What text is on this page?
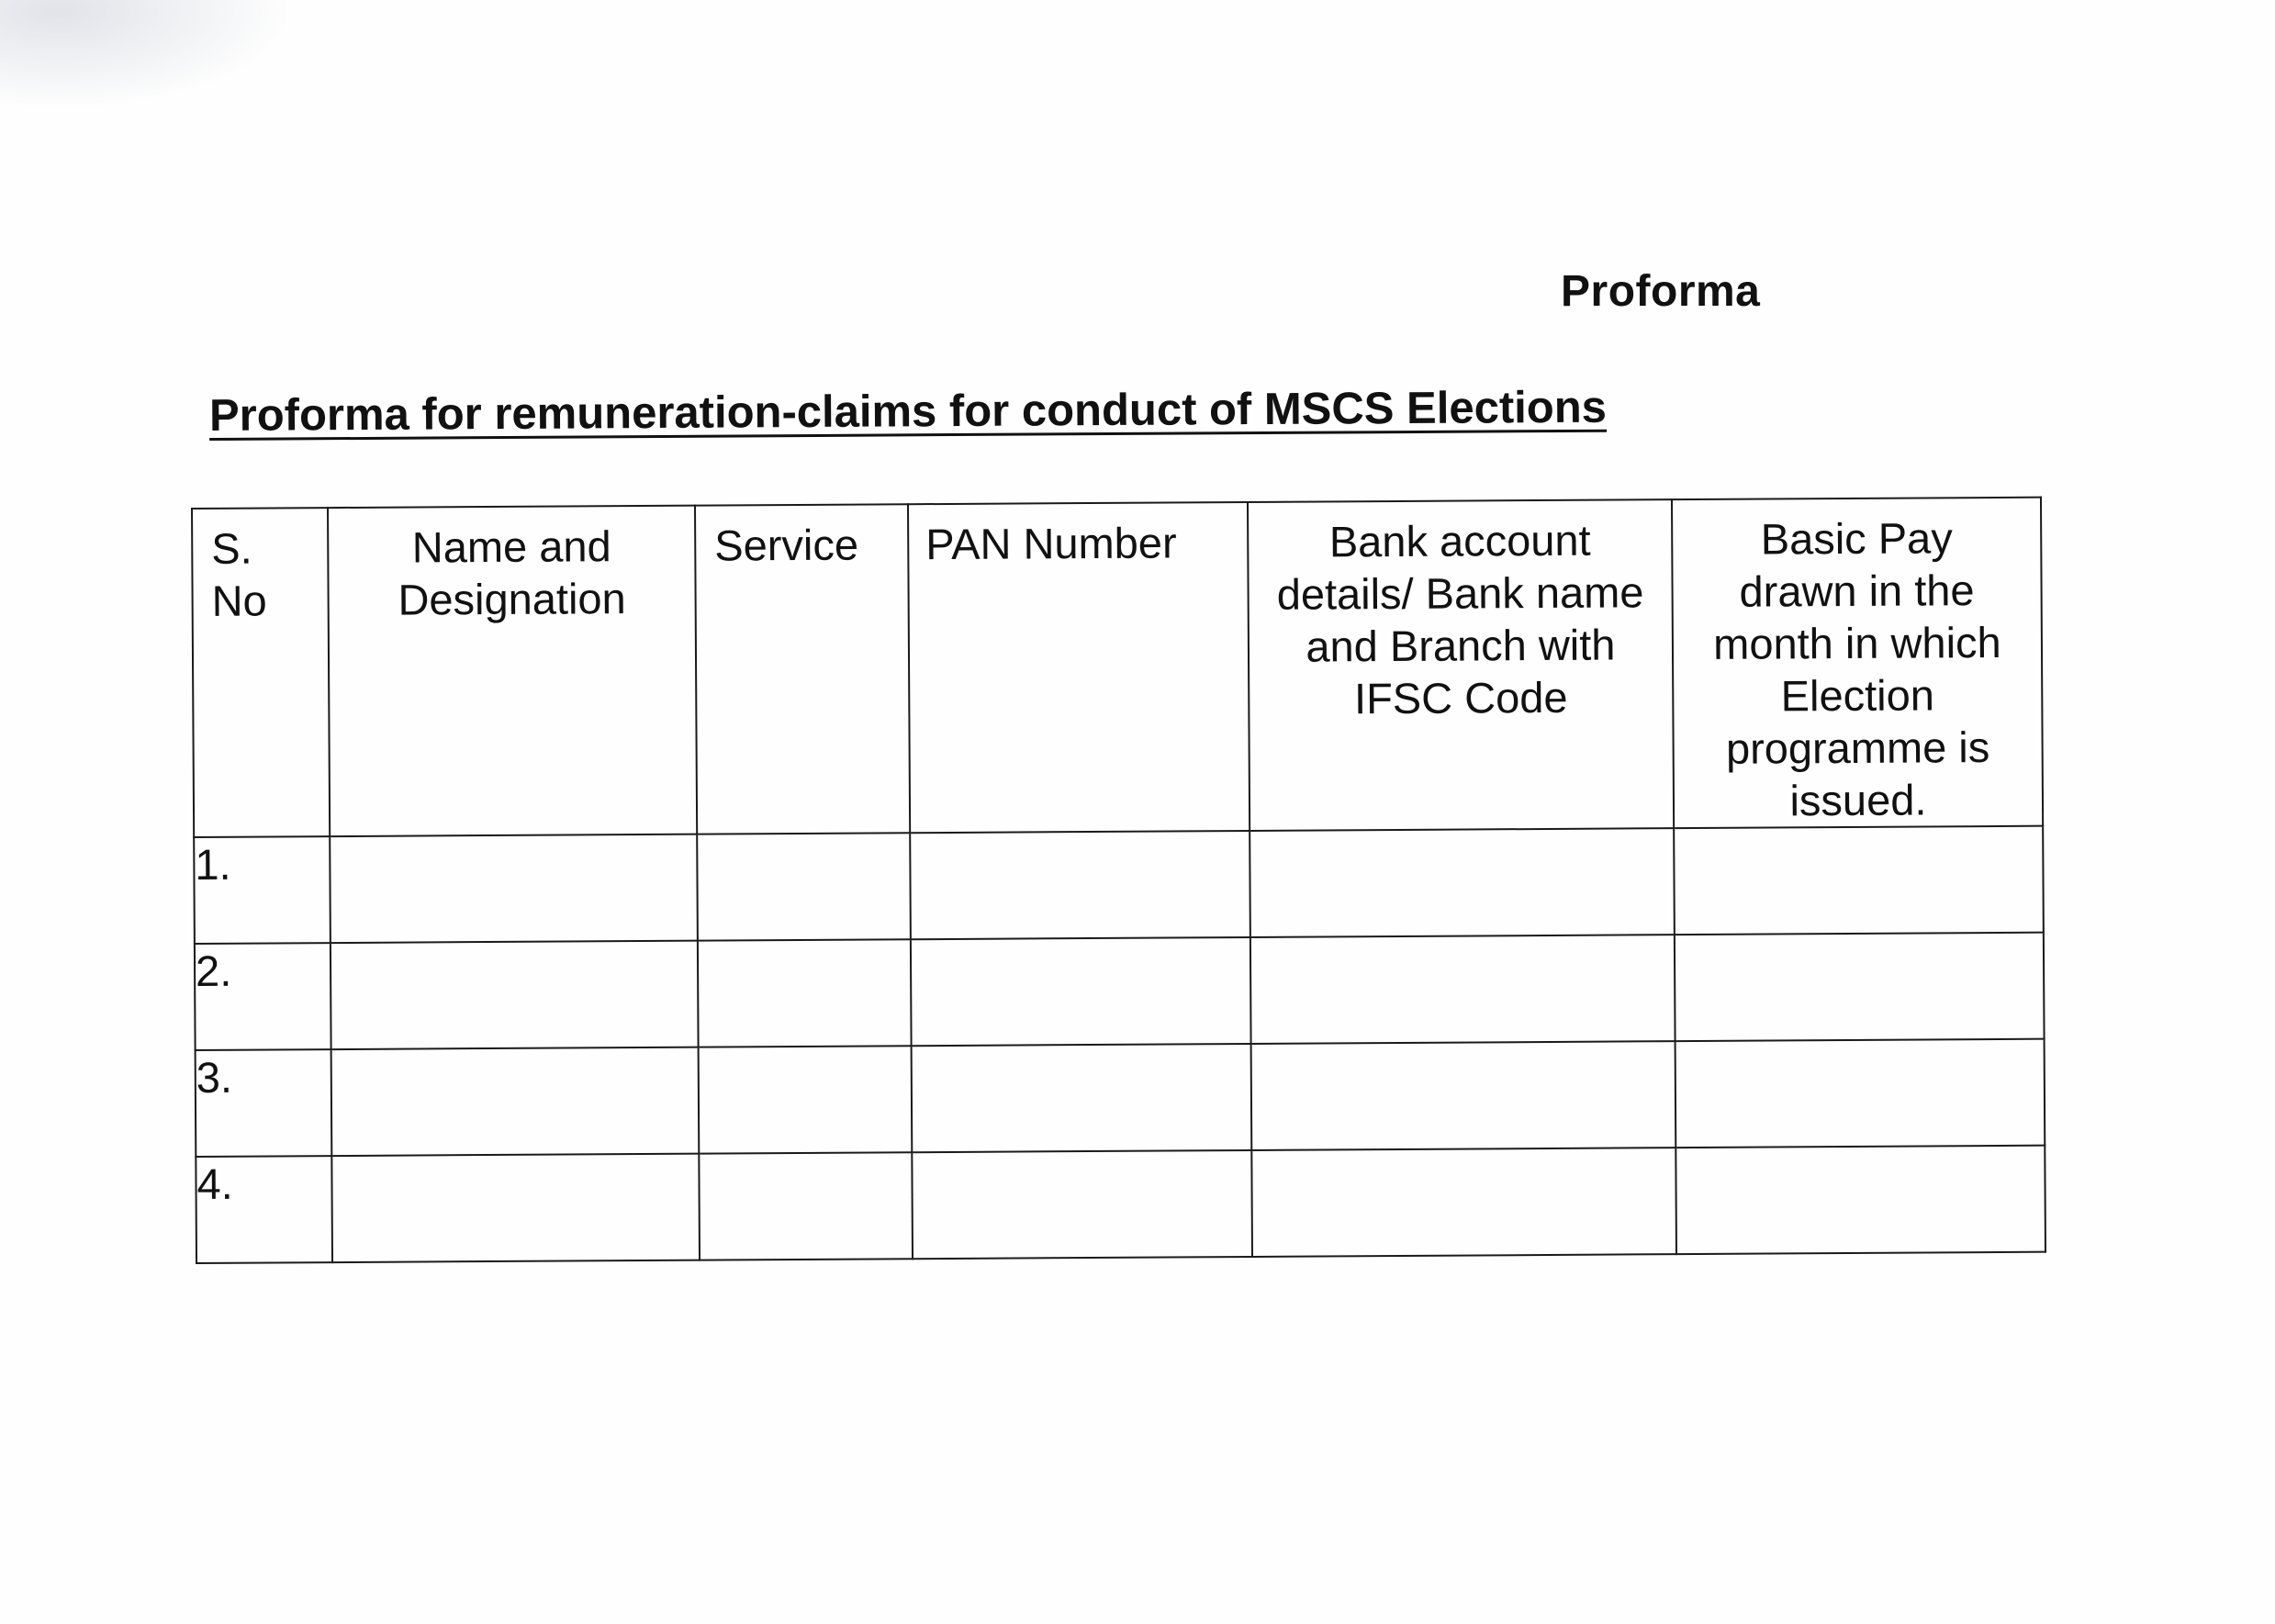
Proforma
Proforma for remuneration-claims for conduct of MSCS Elections
S. No	Name and Designation	Service	PAN Number	Bank account details/ Bank name and Branch with IFSC Code	Basic Pay drawn in the month in which Election programme is issued.
1.					
2.					
3.					
4.					
